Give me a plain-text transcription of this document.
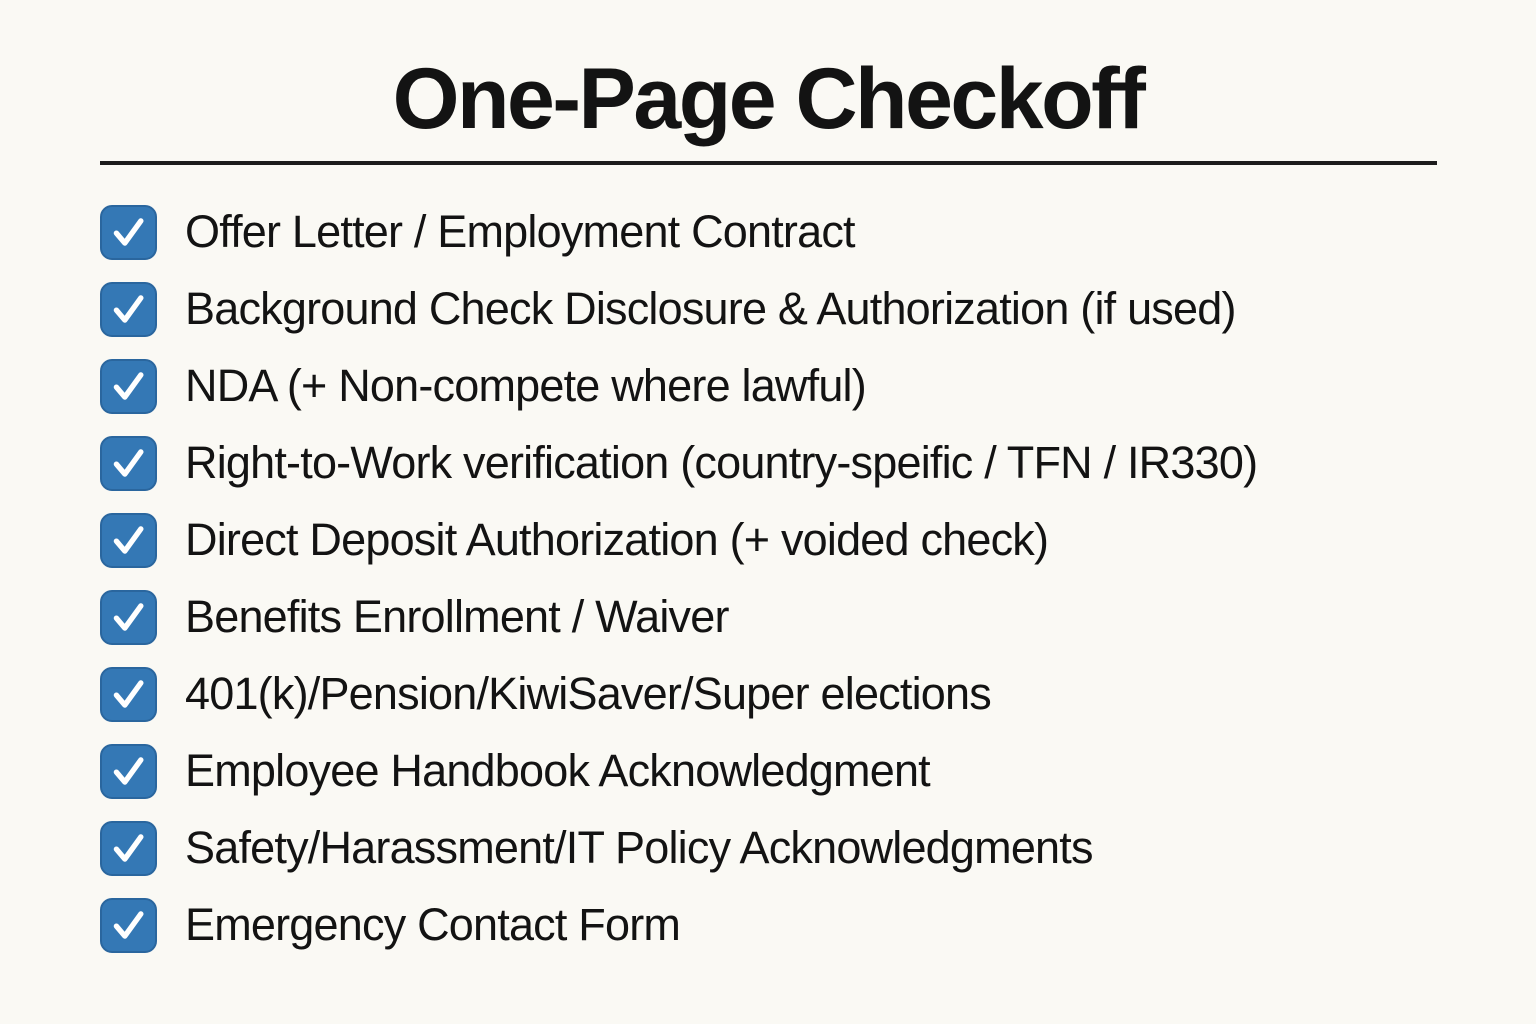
One-Page Checkoff
Offer Letter / Employment Contract
Background Check Disclosure & Authorization (if used)
NDA (+ Non-compete where lawful)
Right-to-Work verification (country-speific / TFN / IR330)
Direct Deposit Authorization (+ voided check)
Benefits Enrollment / Waiver
401(k)/Pension/KiwiSaver/Super elections
Employee Handbook Acknowledgment
Safety/Harassment/IT Policy Acknowledgments
Emergency Contact Form
